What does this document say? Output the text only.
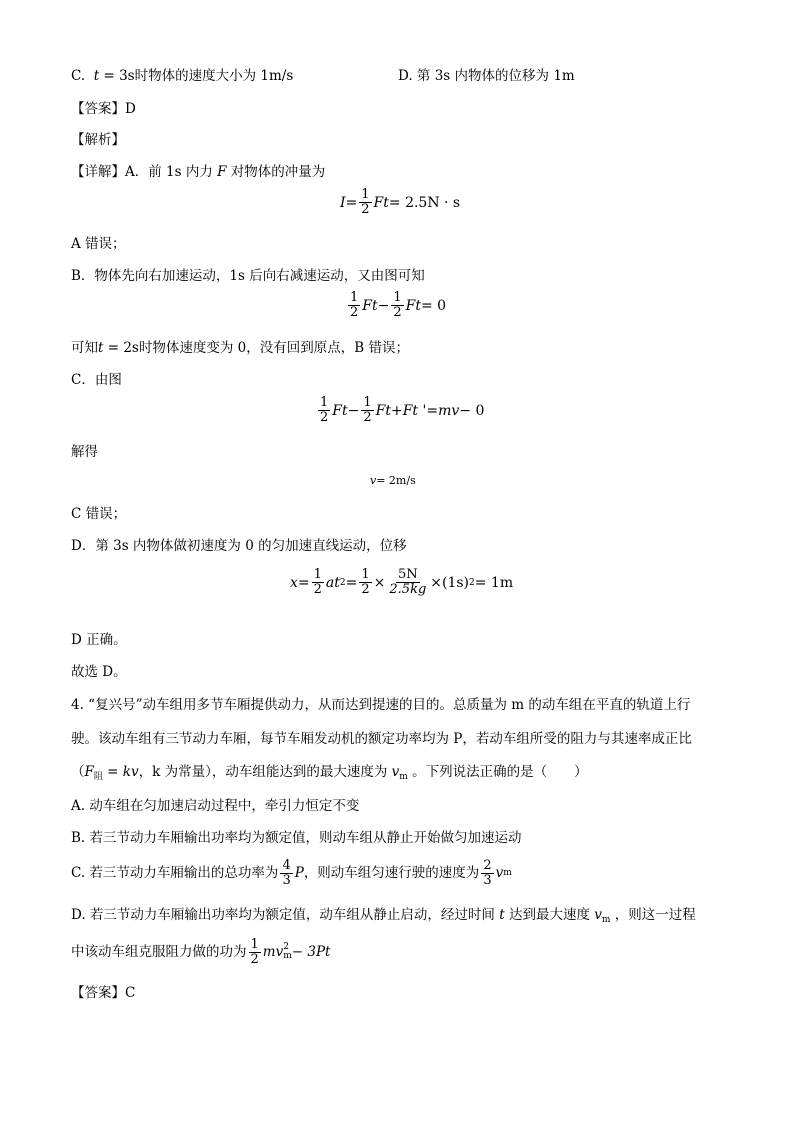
C. t = 3s时物体的速度大小为 1m/s	D. 第 3s 内物体的位移为 1m
【答案】D
【解析】
【详解】A．前 1s 内力 F 对物体的冲量为
$I = \frac{1}{2}$ Ft = 2.5N · s
A 错误；
B．物体先向右加速运动，1s 后向右减速运动，又由图可知
$\frac{1}{2}$ $Ft - \frac{1}{2}$ Ft = 0
可知t = 2s时物体速度变为 0，没有回到原点，B 错误；
C．由图
$\frac{1}{2}$ $Ft - \frac{1}{2}$ Ft + Ft ' = mv − 0
解得
v = 2m/s
C 错误；
D．第 3s 内物体做初速度为 0 的匀加速直线运动，位移
$x = \frac{1}{2}$ at $2 = \frac{1}{2} \times \frac{5N}{2.5kg} \times (1s) 2 = 1m$
D 正确。
故选 D。
4. “复兴号”动车组用多节车厢提供动力，从而达到提速的目的。总质量为 m 的动车组在平直的轨道上行
驶。该动车组有三节动力车厢，每节车厢发动机的额定功率均为 P，若动车组所受的阻力与其速率成正比
（$F_阻$ = kv，k 为常量），动车组能达到的最大速度为 $v_m$ 。下列说法正确的是（　　）
A. 动车组在匀加速启动过程中，牵引力恒定不变
B. 若三节动力车厢输出功率均为额定值，则动车组从静止开始做匀加速运动
C. 若三节动力车厢输出的总功率为 $\frac{4}{3}$ P ，则动车组匀速行驶的速度为 $\frac{2}{3}$ v m
D. 若三节动力车厢输出功率均为额定值，动车组从静止启动，经过时间 t 达到最大速度 $v_m$ ，则这一过程
中该动车组克服阻力做的功为 $\frac{1}{2}$ mv 2
m − 3Pt
【答案】C
